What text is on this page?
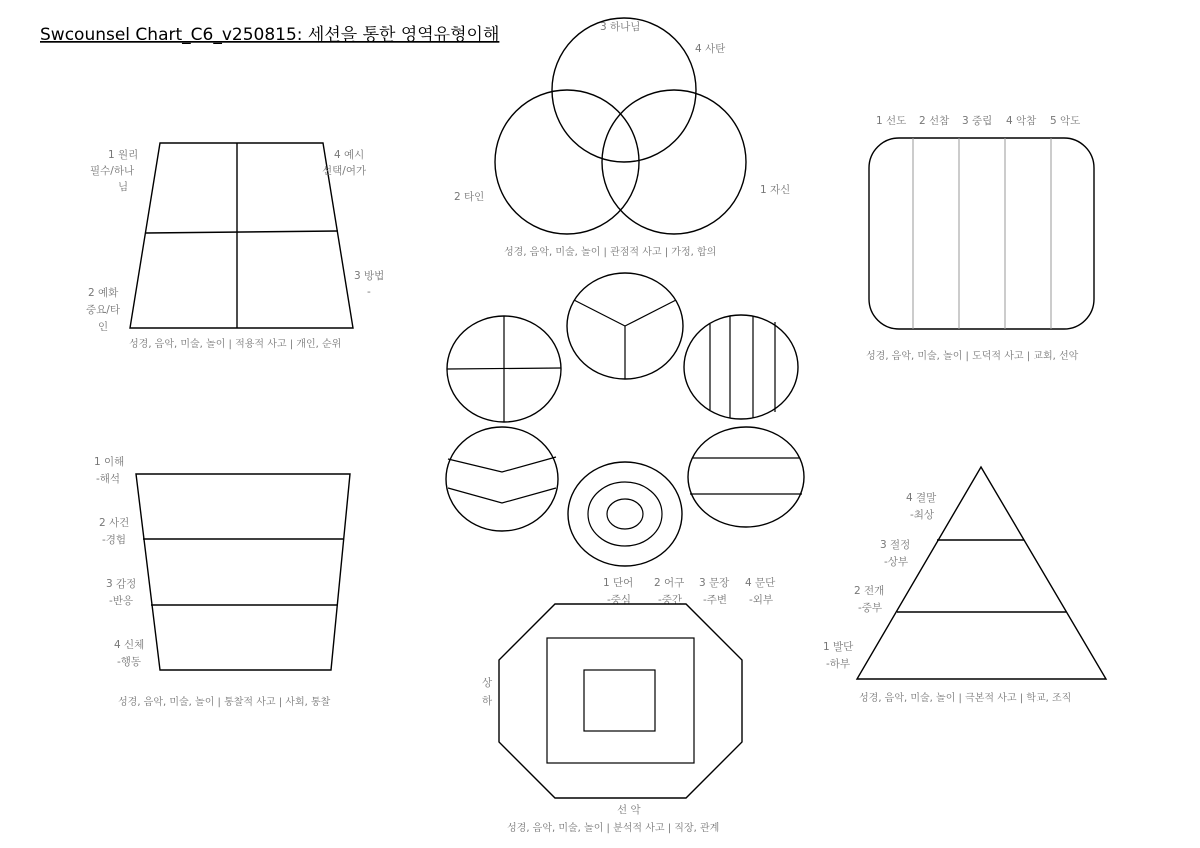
Swcounsel Chart_C6_v250815: 세션을 통한 영역유형이해	3 하나님
4 사탄
2 타인
1 자신
성경, 음악, 미술, 놀이 | 관점적 사고 | 가정, 합의
1 원리
필수/하나
님
4 예시
선택/여가
2 예화
중요/타
인
3 방법
-
성경, 음악, 미술, 놀이 | 적용적 사고 | 개인, 순위
1 선도 2 선참 3 중립 4 악참 5 악도
성경, 음악, 미술, 놀이 | 도덕적 사고 | 교회, 선악
1 단어
-중심
2 어구
-중간
3 문장
-주변
4 문단
-외부
1 이해
-해석
2 사건
-경험
3 감정
-반응
4 신체
-행동
성경, 음악, 미술, 놀이 | 통찰적 사고 | 사회, 통찰
상
하
선 악
성경, 음악, 미술, 놀이 | 분석적 사고 | 직장, 관계
4 결말
-최상
3 절정
-상부
2 전개
-중부
1 발단
-하부
성경, 음악, 미술, 놀이 | 극본적 사고 | 학교, 조직
